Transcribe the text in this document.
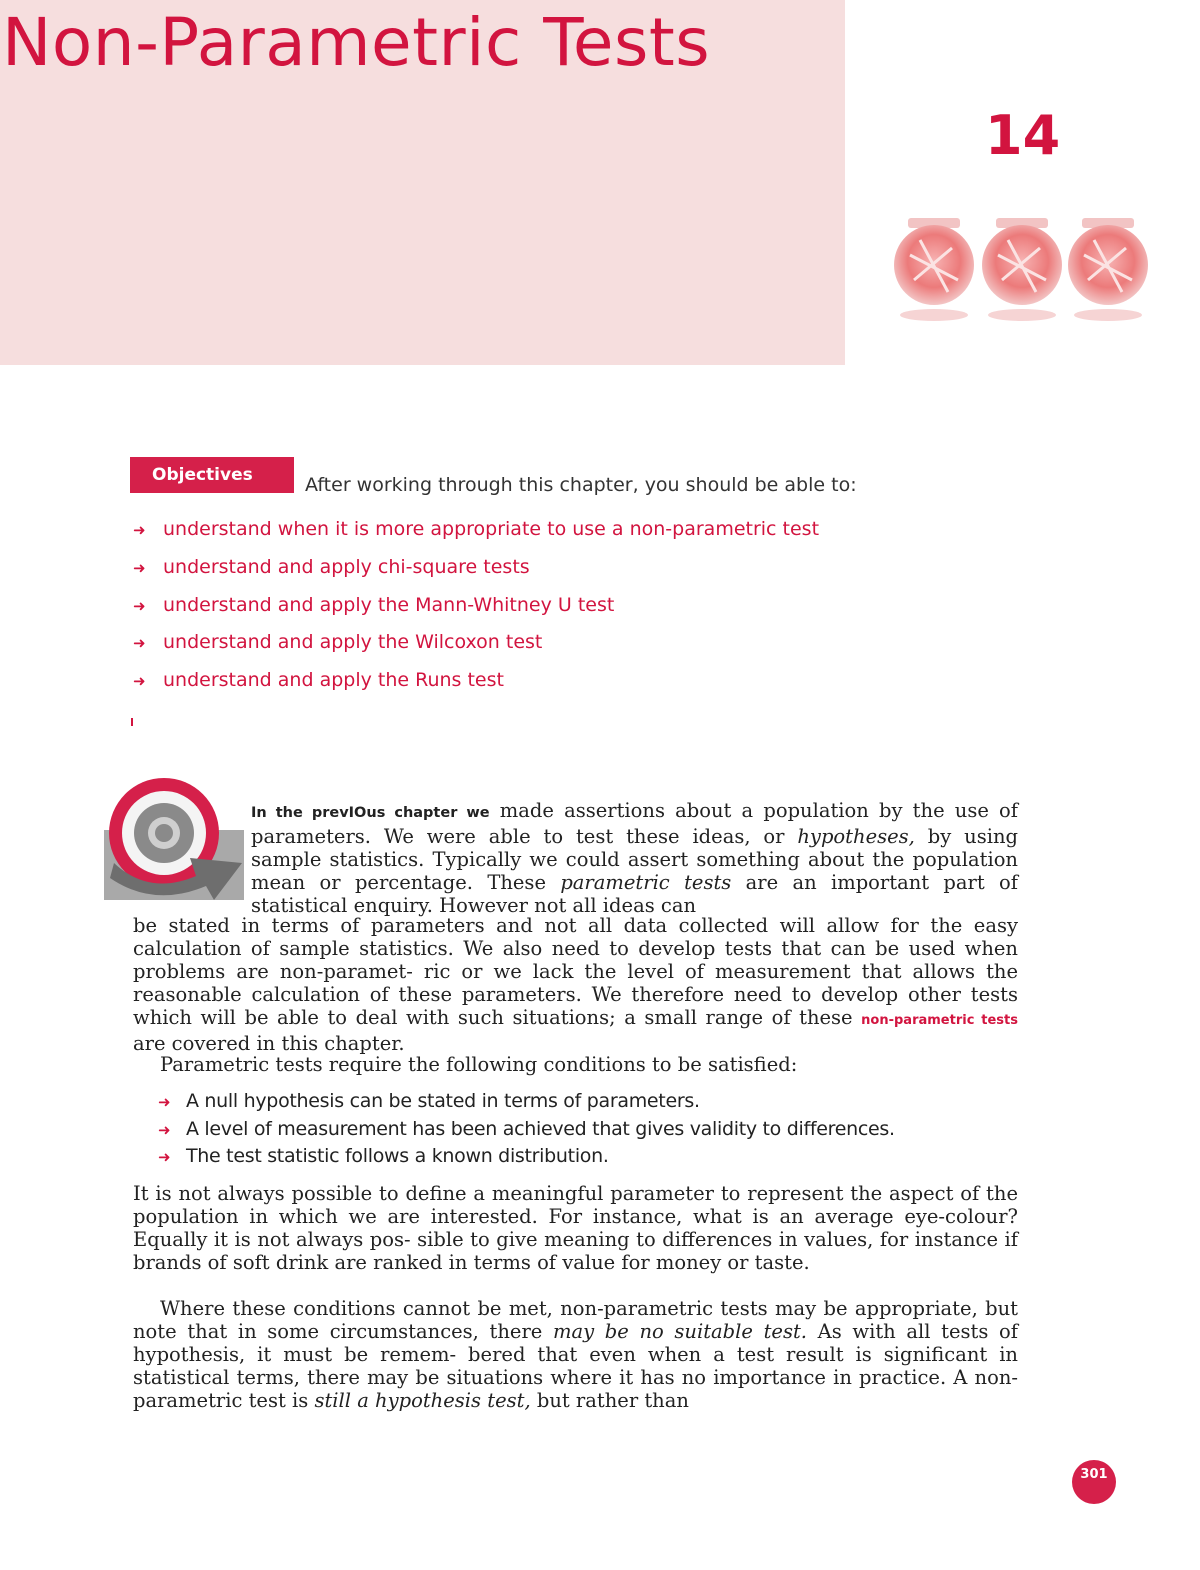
Non-Parametric Tests
14
Objectives	After working through this chapter, you should be able to:
➜ understand when it is more appropriate to use a non-parametric test
➜ understand and apply chi-square tests
➜ understand and apply the Mann-Whitney U test
➜ understand and apply the Wilcoxon test
➜ understand and apply the Runs test
In the prevIOus chapter we made assertions about a population by the use of parameters. We were able to test these ideas, or hypotheses, by using sample statistics. Typically we could assert something about the population mean or percentage. These parametric tests are an important part of statistical enquiry. However not all ideas can
be stated in terms of parameters and not all data collected will allow for the easy calculation of sample statistics. We also need to develop tests that can be used when problems are non-paramet- ric or we lack the level of measurement that allows the reasonable calculation of these parameters. We therefore need to develop other tests which will be able to deal with such situations; a small range of these non-parametric tests are covered in this chapter.
Parametric tests require the following conditions to be satisfied:
➜ A null hypothesis can be stated in terms of parameters.
➜ A level of measurement has been achieved that gives validity to differences.
➜ The test statistic follows a known distribution.
It is not always possible to define a meaningful parameter to represent the aspect of the population in which we are interested. For instance, what is an average eye-colour? Equally it is not always pos- sible to give meaning to differences in values, for instance if brands of soft drink are ranked in terms of value for money or taste.
Where these conditions cannot be met, non-parametric tests may be appropriate, but note that in some circumstances, there may be no suitable test. As with all tests of hypothesis, it must be remem- bered that even when a test result is significant in statistical terms, there may be situations where it has no importance in practice. A non-parametric test is still a hypothesis test, but rather than
301
